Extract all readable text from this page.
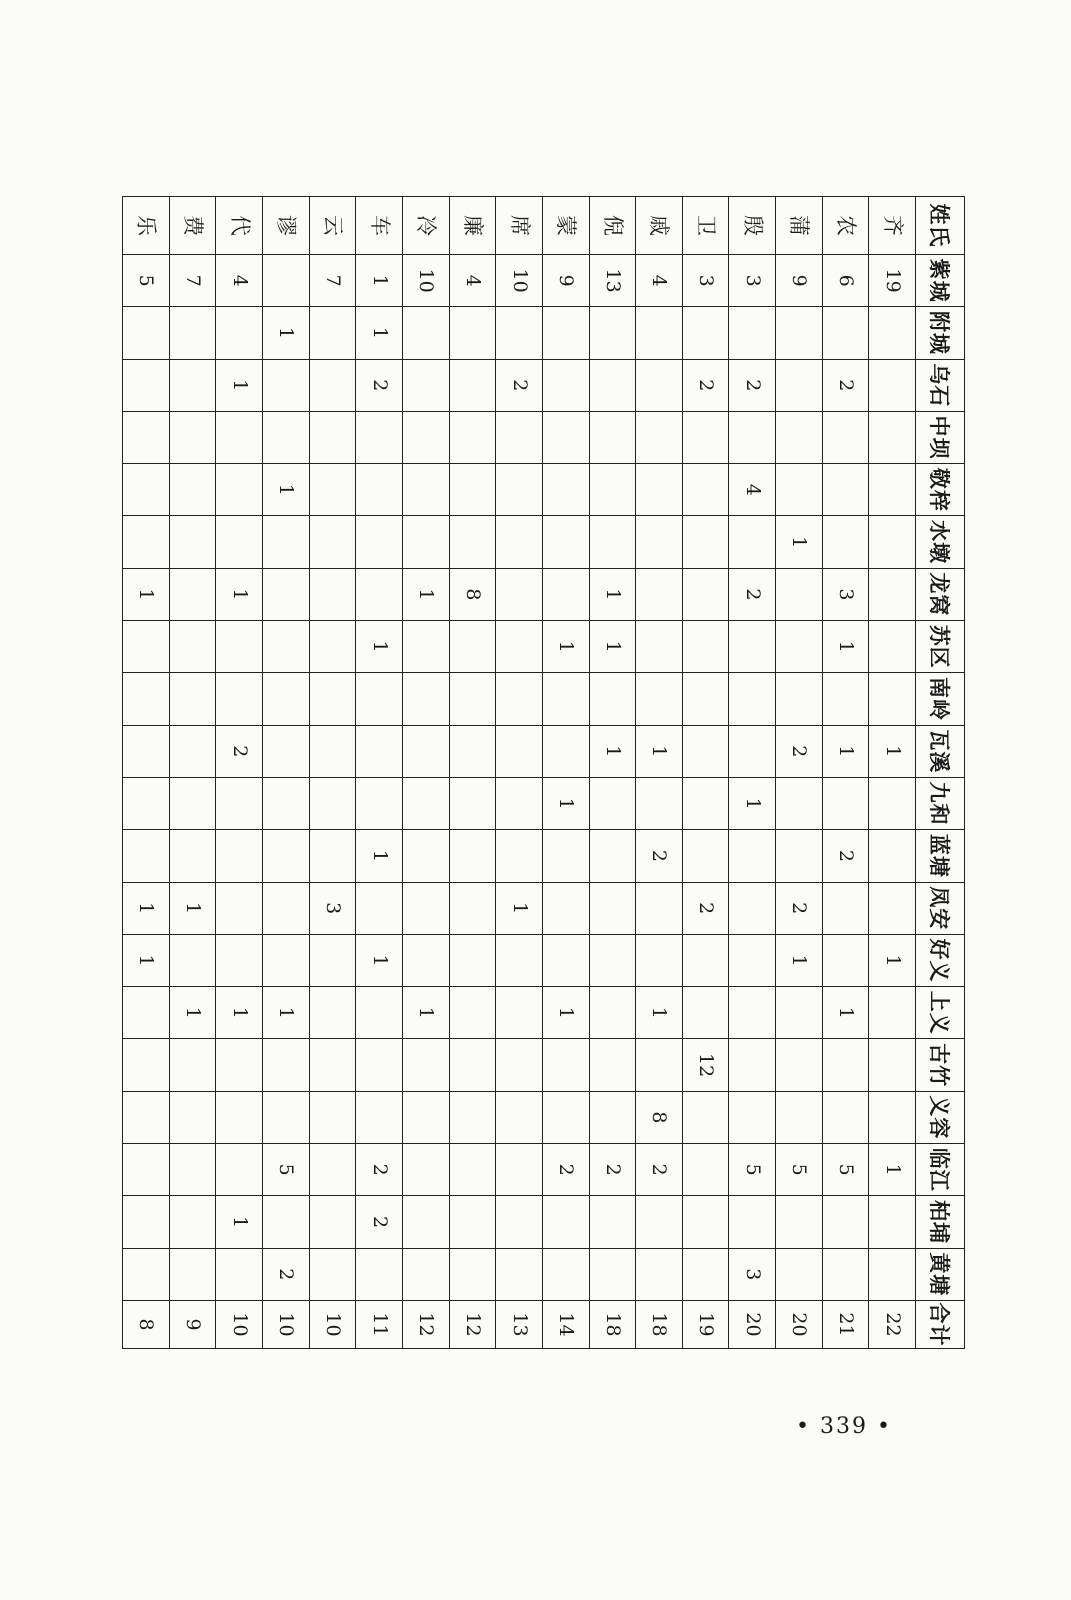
姓氏	紫城	附城	乌石	中坝	敬梓	水墩	龙窝	苏区	南岭	瓦溪	九和	蓝塘	凤安	好义	上义	古竹	义容	临江	柏埔	黄塘	合计
齐	19									1				1				1			22
农	6		2				3	1		1		2			1			5			21
蒲	9					1				2			2	1				5			20
殷	3		2		4		2				1							5		3	20
卫	3		2										2			12					19
戚	4									1		2			1		8	2			18
倪	13						1	1		1								2			18
蒙	9							1			1				1			2			14
席	10		2										1								13
廉	4						8														12
冷	10						1								1						12
车	1	1	2					1				1		1				2	2		11
云	7												3								10
谬		1			1										1			5		2	10
代	4		1				1			2					1				1		10
费	7												1		1						9
乐	5						1						1	1							8
• 339 •
